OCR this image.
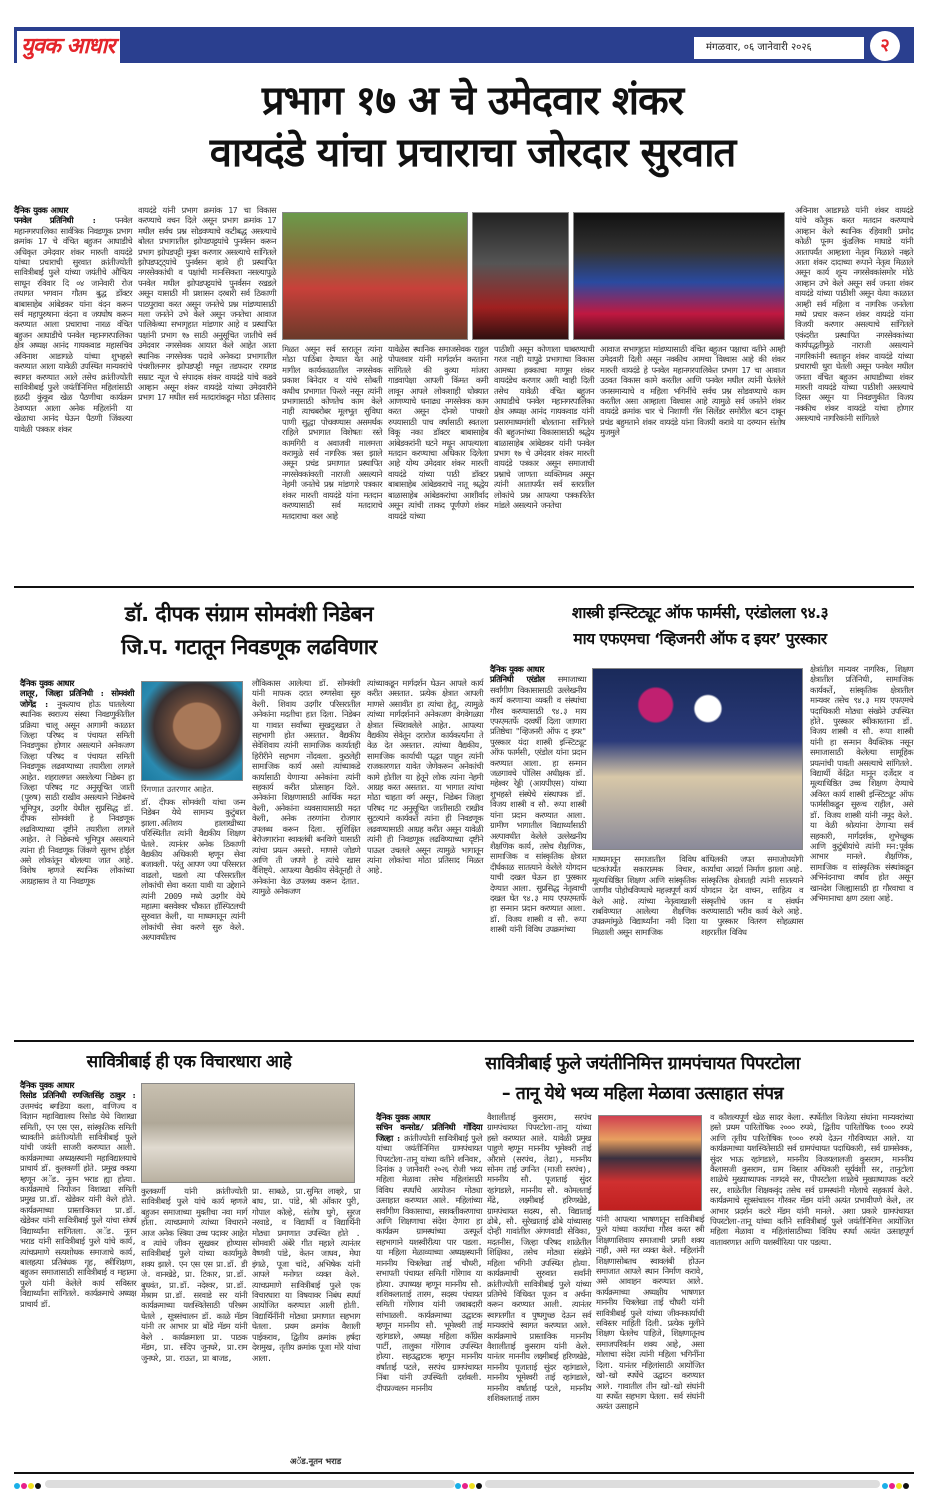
युवक आधार	मंगळवार, ०६ जानेवारी २०२६	२
प्रभाग १७ अ चे उमेदवार शंकर
वायदंडे यांचा प्रचाराचा जोरदार सुरवात
दैनिक युवक आधार
पनवेल प्रतिनिधी : पनवेल महानगरपालिका सार्वत्रिक निवडणूक प्रभाग क्रमांक 17 चे वंचित बहुजन आघाडीचे अधिकृत उमेदवार शंकर मारुती वायदंडे यांच्या प्रचाराची सुरवात क्रांतीज्योती सावित्रीबाई फुले यांच्या जयंतीचे औचित्य साधून रविवार दि ०४ जानेवारी रोज तथागत भगवान गौतम बुद्ध डॉक्टर बाबासाहेब आंबेडकर यांना वंदन करून सर्व महापुरुषाना वंदना व जयघोष करून करण्यात आला प्रचाराचा नारळ वंचित बहुजन आघाडीचे पनवेल महानगरपालिका क्षेत्र अध्यक्ष आनंद गायकवाड महासचिव अविनाश आडागळे यांच्या शुभहस्ते करण्यात आला यावेळी उपस्थित मान्यवरांचे स्वागत करण्यात आले तसेच क्रांतीज्योती सावित्रीबाई फुले जयंतीनिमित्त महिलांसाठी हळदी कुंकूव खेळ पैठणीचा कार्यक्रम ठेवण्यात आला अनेक महिलांनी या खेळाचा आनंद घेऊन पैठणी जिंकल्या यावेळी पत्रकार शंकर
वायदंडे यांनी प्रभाग क्रमांक 17 चा विकास करण्याचे वचन दिले असून प्रभाग क्रमांक 17 मधील सर्वच प्रश्न सोडवण्याचे कटीबद्ध असल्याचे बोलत प्रभागातील झोपडपट्टयांचे पुनर्वसन करून प्रभाग झोपडपट्टी मुक्त करणार असल्याचे सांगितले झोपडपट्ट्यांचे पुनर्वसन व्हावे ही प्रस्थापित नगरसेवकांची व पक्षांची मानसिकता नसल्यापुळे पनवेल मधील झोपडपट्टयांचे पुनर्वसन रखडले असून यासाठी मी प्रशासन दरबारी सर्व ठिकाणी पाठपुरावा करत असून जनतेचे प्रश्न मांडण्यासाठी मला जनतेने उभे केले असून जनतेचा आवाज पालिकेच्या सभागृहात मांडणार आहे व प्रस्थापित पक्षांनी प्रभाग १७ साठी अनुसूचित जातीचे सर्व उमेदवार नगरसेवक आयात केले आहेत आता स्थानिक नगरसेवक पदावे अनेकदा प्रभागातील पंचशीलनगर झोपडपट्टी मधून तडफदार रायगड सम्राट न्यूज चे संपादक शंकर वायदंडे यांचे कडवे आव्हान असून शंकर वायदंडे यांच्या उमेदवारीने प्रभाग 17 मधील सर्व मतदारांकडून मोठा प्रतिसाद
मिळत असून सर्व स्तरातून त्यांना मोठा पाठिंबा देण्यात येत आहे मागील कार्यकाळातील नगरसेवक प्रकाश बिनेदार व यांचे सोबती कधीच प्रभागात फिरले नसून त्यांनी प्रभागासाठी कोणतेच काम केले नाही त्याचबरोबर मूलभूत सुविधा पाणी सुद्धा पोचवण्यास असमर्थक राहिले प्रभागात विशेषतः रस्ते कामगिरी व अवाजवी मालमत्ता करामुळे सर्व नागरिक त्रस्त झाले असून प्रचंड प्रमाणात प्रस्थापित नगरसेवकांवरती नाराजी असल्याने नेहमी जनतेचे प्रश्न मांडणारे पत्रकार शंकर मारुती वायदंडे यांना मतदान करण्यासाठी सर्व मतदाराचे मतदाराचा कल आहे
यावेळेस स्थानिक समाजसेवक राहुल पोपलवार यांनी मार्गदर्शन करताना सांगितले की कुत्र्या मांजरा गाडवापेक्षा आपली किंमत कमी लावून आपले लोकशाही धोक्यात आणण्याचे धनाढ्य नगरसेवक काम करत असून दोनशे पाचशो रुपयासाठी पाच वर्षासाठी स्वतःला विकू नका डॉक्टर बाबासाहेब आंबेडकरांनी घटने मधून आपल्याला मतदान करण्याचा अधिकार दिलेला आहे योग्य उमेदवार शंकर मारुती वायदंडे यांच्या पाठी डॉक्टर बाबासाहेब आंबेडकराचे नातू श्रद्धेय बाळासाहेब आंबेडकरांचा आशीर्वाद असून त्यांची ताकद पूर्णपणे शंकर वायदंडे यांच्या
पाठीशी असून कोणाला घाबरण्याची गरज नाही यापुढे प्रभागाचा विकास आमच्या हक्काचा माणूस शंकर वायदंडेच करणार अशी ग्वाही दिली तसेच यावेळी वंचित बहुजन आघाडीचे पनवेल महानगरपालिका क्षेत्र अध्यक्ष आनंद गायकवाड यांनी प्रसारमाध्यमांशी बोलताना सांगितले की बहुजनांच्या विकासासाठी श्रद्धेय बाळासाहेब आंबेडकर यांनी पनवेल प्रभाग १७ चे उमेदवार शंकर मारुती वायदंडे पत्रकार असून समाजाची प्रश्नाचे जाणता व्यक्तिमत्व असून त्यांनी आतापर्यंत सर्व स्तरातील लोकांचे प्रश्न आपल्या पत्रकारितेत मांडले असल्याने जनतेचा
आवाज सभागृहात मांडण्यासाठी वंचित बहुजन पक्षाचा वतीने आम्ही उमेदवारी दिली असून नक्कीच आमचा विश्वास आहे की शंकर मारुती वायदंडे हे पनवेल महानगरपालिकेत प्रभाग 17 चा आवाज उठवत विकास कामे करतील आणि पनवेल मधील त्यांनी घेतलेले जनसमान्याचे व महिला भगिनींचे सर्वच प्रश्न सोडवण्याचे काम करतील असा आम्हाला विश्वास आहे त्यामुळे सर्व जनतेने शंकर वायदंडे क्रमांक चार चे निशाणी गॅस सिलेंडर समोरील बटन दाबून प्रचंड बहुमताने शंकर वायदंडे यांना विजयी करावे या दरम्यान संतोष मुजमुले
अविनाश आडागळे यांनी शंकर वायदंडे यांचे कौतुक करत मतदान करण्याचे आव्हान केले स्थानिक रहिवाशी प्रमोद कोळी पूनम कुंडलिक माघाडे यांनी आतापर्यंत आम्हाला नेतृत्व मिळाले नव्हते आता शंकर दादाच्या रूपाने नेतृत्व मिळाले असून कार्य शून्य नगरसेवकांसमोर मोठे आव्हान उभे केले असून सर्व जनता शंकर वायदंडे यांच्या पाठीशी असून येत्या काळात आम्ही सर्व महिला व नागरिक जनतेला मध्ये प्रचार करून शंकर वायदंडे यांना विजयी करणार असल्याचे सांगितले एकंदरीत प्रस्थापित नगरसेवकांच्या कार्यपद्धतीमुळे नाराजी असल्याने नागरिकांनी स्वतःहून शंकर वायदंडे यांच्या प्रचाराची धुरा घेतली असून पनवेल मधील जनता वंचित बहुजन आघाडीच्या शंकर मारुती वायदंडे यांच्या पाठीशी असल्याचे दिसत असून या निवडणुकीत विजय नक्कीच शंकर वायदंडे यांचा होणार असल्याचे नागरिकांनी सांगितले
डॉ. दीपक संग्राम सोमवंशी निडेबन
जि.प. गटातून निवडणूक लढविणार
दैनिक युवक आधार
लातूर, जिल्हा प्रतिनिधी : सोमवंशी जोगेंद्र : नुकत्याच होऊ घातलेल्या स्थानिक स्वराज्य संस्था निवडणुकीतील प्रक्रिया चालू असून आगामी काळात जिल्हा परिषद व पंचायत समिती निवडणुका होणार असल्याने अनेकजण जिल्हा परिषद व पंचायत समिती निवडणूक लढवण्याच्या तयारीला लागले आहेत. शहरालगत असलेल्या निडेबन हा जिल्हा परिषद गट अनुसूचित जाती (पुरुष) साठी राखीव असल्याने निडेबनचे भूमिपुत्र, उदगीर येथील सुप्रसिद्ध डॉ. दीपक सोमवंशी हे निवडणूक लढविण्याच्या दृष्टीने तयारीला लागले आहेत. ते निडेबनचे भूमिपुत्र असल्याने त्यांना ही निवडणूक जिंकणे सुलभ होईल असे लोकांतून बोलल्या जात आहे. विशेष म्हणजे स्थानिक लोकांच्या आग्रहास्तव ते या निवडणूक
रिंगणात उतरणार आहेत.
डॉ. दीपक सोमवंशी यांचा जन्म निडेबन येथे सामान्य कुटुंबात झाला.अतिशय हालाखीच्या परिस्थितीत त्यांनी वैद्यकीय शिक्षण घेतले. त्यानंतर अनेक ठिकाणी वैद्यकीय अधिकारी म्हणून सेवा बजावली. परंतु आपण ज्या परिसरात वाढलो, घडलो त्या परिसरातील लोकांची सेवा करता यावी या उद्देशाने त्यांनी 2009 मध्ये उदगीर येथे महात्मा बसवेश्वर चौकात हॉस्पिटलची सुरुवात केली, या माध्यमातून त्यांनी लोकांची सेवा करणे सुरु केले. अल्पावधीतच
लौकिकास आलेल्या डॉ. सोमवंशी यांनी माफक दरात रुग्णसेवा सुरु केली. शिवाय उदगीर परिसरातील अनेकांना मदतीचा हात दिला. निडेबन या गावात सर्वांच्या सुखदुःखात ते सहभागी होत असतात. वैद्यकीय सेवेशिवाय त्यांनी सामाजिक कार्यातही हिरीरीने सहभाग नोंदवला. कुठलेही सामाजिक कार्य असो त्यांच्याकडे कार्यासाठी येणाऱ्या अनेकांना त्यांनी सहकार्य करीत प्रोत्साहन दिले. अनेकांना शिक्षणासाठी आर्थिक मदत केली, अनेकांना व्यवसायासाठी मदत केली, अनेक तरुणांना रोजगार उपलब्ध करून दिला. सुशिक्षित बेरोजगारांना स्वावलंबी बनविणे यासाठी त्यांचा प्रयत्न असतो. माणसे जोडणे आणि ती जपणे हे त्यांचे खास वैशिष्ट्ये. आपल्या वैद्यकीय सेवेतूनही ते अनेकांना वेळ उपलब्ध करून देतात. त्यामुळे अनेकजण
त्यांच्याकडून मार्गदर्शन घेऊन आपले कार्य करीत असतात. प्रत्येक क्षेत्रात आपली माणसे असावीत हा त्यांचा हेतू, त्यामुळे त्यांच्या मार्गदर्शनाने अनेकजण वेगवेगळ्या क्षेत्रात स्थिरावलेले आहेत. आपल्या वैद्यकीय सेवेतून दरारोज कार्यकर्त्यांना ते वेळ देत असतात. त्यांच्या वैद्यकीय, सामाजिक कार्याची पद्धत पाहून त्यांनी राजकारणात यावेत जेणेकरून अनेकांची कामे होतील या हेतूने लोक त्यांना नेहमी आग्रह करत असतात. या भागात त्यांचा मोठा चाहता वर्ग असून, निडेबन जिल्हा परिषद गट अनुसूचित जातीसाठी राखीव सुटल्याने कार्यकर्ते त्यांना ही निवडणूक लढवण्यासाठी आग्रह करीत असून यावेळी त्यांनी ही निवडणूक लढविण्याच्या दृष्टीने पाऊल उचलले असून त्यामुळे भागातून त्यांना लोकांचा मोठा प्रतिसाद मिळत आहे.
शास्त्री इन्स्टिट्यूट ऑफ फार्मसी, एरंडोलला ९४.३
माय एफएमचा ‘व्हिजनरी ऑफ द इयर’ पुरस्कार
दैनिक युवक आधार
प्रतिनिधी एरंडोल समाजाच्या सर्वांगीण विकासासाठी उल्लेखनीय कार्य करणाऱ्या व्यक्ती व संस्थांचा गौरव करण्यासाठी ९४.३ माय एफएमतर्फे दरवर्षी दिला जाणारा प्रतिष्ठेचा "व्हिजनरी ऑफ द इयर" पुरस्कार यंदा शास्त्री इन्स्टिट्यूट ऑफ फार्मसी, एरंडोल यांना प्रदान करण्यात आला. हा सन्मान जळगावचे पोलिस अधीक्षक डॉ. महेश्वर रेड्डी (आयपीएस) यांच्या शुभहस्ते संस्थेचे संस्थापक डॉ. विजय शास्त्री व सौ. रूपा शास्त्री यांना प्रदान करण्यात आला. ग्रामीण भागातील विद्यार्थ्यांसाठी अल्पावधीत केलेले उल्लेखनीय शैक्षणिक कार्य, तसेच शैक्षणिक, सामाजिक व सांस्कृतिक क्षेत्रात दीर्घकाळ सातत्याने केलेले योगदान याची दखल घेऊन हा पुरस्कार देण्यात आला. सुप्रसिद्ध नेतृत्वाची दखल घेत ९४.३ माय एफएमतर्फे हा सन्मान प्रदान करण्यात आला. डॉ. विजय शास्त्री व सौ. रूपा शास्त्री यांनी विविध उपक्रमांच्या
माध्यमातून समाजातील विविध घटकांपर्यंत सकारात्मक विचार, मूल्याधिष्ठित शिक्षण आणि सांस्कृतिक जाणीव पोहोचविण्याचे महत्त्वपूर्ण कार्य केले आहे. त्यांच्या नेतृत्वाखाली राबविण्यात आलेल्या शैक्षणिक उपक्रमांमुळे विद्यार्थ्यांना नवी दिशा मिळाली असून सामाजिक
बांधिलकी जपत समाजोपयोगी कार्याचा आदर्श निर्माण झाला आहे. सांस्कृतिक क्षेत्रातही त्यांनी सातत्याने योगदान देत वाचन, साहित्य व संस्कृतीचे जतन व संवर्धन करण्यासाठी भरीव कार्य केले आहे. या पुरस्कार वितरण सोहळ्यास शहरातील विविध
क्षेत्रांतील मान्यवर नागरिक, शिक्षण क्षेत्रातील प्रतिनिधी, सामाजिक कार्यकर्ते, सांस्कृतिक क्षेत्रातील मान्यवर तसेच ९४.३ माय एफएमचे पदाधिकारी मोठ्या संख्येने उपस्थित होते. पुरस्कार स्वीकारताना डॉ. विजय शास्त्री व सौ. रूपा शास्त्री यांनी हा सन्मान वैयक्तिक नसून समाजासाठी केलेल्या सामूहिक प्रयत्नांची पावती असल्याचे सांगितले. विद्यार्थी केंद्रित मानून दर्जेदार व मूल्याधिष्ठित उच्च शिक्षण देण्याचे अविरत कार्य शास्त्री इन्स्टिट्यूट ऑफ फार्मसीकडून सुरूच राहील, असे डॉ. विजय शास्त्री यांनी नमूद केले. या वेळी श्रोत्यांना देणाऱ्या सर्व सहकारी, मार्गदर्शक, शुभेच्छुक आणि कुटुंबीयांचे त्यांनी मन:पूर्वक आभार मानले. शैक्षणिक, सामाजिक व सांस्कृतिक संस्थांकडून अभिनंदनाचा वर्षाव होत असून खानदेश जिल्ह्यासाठी हा गौरवाचा व अभिमानाचा क्षण ठरला आहे.
सावित्रीबाई ही एक विचारधारा आहे
दैनिक युवक आधार
रिसोड प्रतिनिधी रणजितसिंह ठाकुर : उत्तमचंद बगडिया कला, वाणिज्य व विज्ञान महाविद्यालय रिसोड येथे विशाखा समिती, एन एस एस, सांस्कृतिक समिती च्यावतीने क्रांतीज्योती सावित्रीबाई फुले यांची जयंती साजरी करण्यात आली. कार्यक्रमाच्या अध्यक्षस्थानी महाविद्यालयाचे प्राचार्य डॉ. कुलकर्णी होते. प्रमुख वक्त्या म्हणून अॅड. नूतन भराड ह्या होत्या. कार्यक्रमाचे नियोजन विशाखा समिती प्रमुख प्रा.डॉ. खेडेकर यांनी केले होते. कार्यक्रमाच्या प्रास्ताविकात प्रा.डॉ. खेडेकर यांनी सावित्रीबाई फुले यांचा संघर्ष विद्यार्थ्यांना सांगितला. अॅड. नूतन भराड यांनी सावित्रीबाई फुले यांचे कार्य, त्यांचप्रमाणे सत्यशोधक समाजाचे कार्य, बालहत्या प्रतिबंधक गृह, स्त्रीशिक्षण, बहुजन समाजासाठी सावित्रीबाई व महात्मा फुले यांनी केलेले कार्य सविस्तर विद्यार्थ्यांना सांगितले. कार्यक्रमाचे अध्यक्ष प्राचार्य डॉ.
कुलकर्णी यांनी क्रांतीज्योती सावित्रीबाई फुले यांचे कार्य म्हणजे बहुजन समाजाच्या मुक्तीचा नवा मार्ग होता. त्याचप्रमाणे त्यांच्या विचाराने आज अनेक स्त्रिया उच्च पदावर आहेत व त्यांचे जीवन सुखकर होण्यास सावित्रीबाई फुले यांच्या कार्यामुळे शक्य झाले. एन एस एस प्रा.डॉ. डी जे. वानखेडे, प्रा. टिकार, प्रा.डॉ. बुधवंत, प्रा.डॉ. नदेश्वर, प्रा.डॉ. मेश्राम प्रा.डॉ. सरवाडे सर यांनी कार्यक्रमाच्या यशस्वितेसाठी परिश्रम घेतले , सूत्रसंचालन डॉ. काळे मॅडम यांनी तर आभार प्रा बोंडे मॅडम यांनी केले . कार्यक्रमाला प्रा. पाठक मॅडम, प्रा. संदिप जुनघरे, प्रा.राम जुनघरे, प्रा. राऊत, प्रा बाजड,
प्रा. साबळे, प्रा.सुमित लाव्हरे, प्रा बाघ, प्रा. पांडे, श्री ओंकार पुरी, गोपाल कोल्हे, संतोष घुगे, सुरज नरवाडे, व विद्यार्थी व विद्यार्थिनी मोठ्या प्रमाणात उपस्थित होते . सोमवारी अंबेरे गीत महाले त्यानंतर वैष्णवी पांडे, केतन जाधव, मेघा इंगळे, पूजा चांदे, अभिषेक यांनी आपले मनोगत व्यक्त केले. त्याचप्रमाणे सावित्रीबाई फुले एक विचारधारा या विषयावर निबंध स्पर्धा आयोजित करण्यात आली होती. विद्यार्थिनींनी मोठ्या प्रमाणात सहभाग घेतला. प्रथम क्रमांक वैशाली पाईकराव, द्वितीय क्रमांक हर्षदा देशमुख, तृतीय क्रमांक पूजा मोरे यांचा आला.
अॅड.नूतन भराड
सावित्रीबाई फुले जयंतीनिमित्त ग्रामपंचायत पिपरटोला
– तानू येथे भव्य महिला मेळावा उत्साहात संपन्न
दैनिक युवक आधार
सचिन कन्सोड/ प्रतिनिधी गोंदिया जिल्हा : क्रांतीज्योती सावित्रीबाई फुले यांच्या जयंतीनिमित्त ग्रामपंचायत पिपरटोला-तानू यांच्या वतीने शनिवार, दिनांक ३ जानेवारी २०२६ रोजी भव्य महिला मेळावा तसेच महिलांसाठी विविध स्पर्धांचे आयोजन मोठ्या उत्साहात करण्यात आले. महिलांच्या सर्वांगीण विकासाचा, सशक्तीकरणाचा आणि शिक्षणाचा संदेश देणारा हा कार्यक्रम ग्रामस्थांच्या उत्स्फूर्त सहभागाने यशस्वीरीत्या पार पडला. या महिला मेळाव्याच्या अध्यक्षस्थानी माननीय चित्रलेखा ताई चौधरी, सभापती पंचायत समिती गोरेगाव या होत्या. उपाध्यक्ष म्हणून माननीय सौ. शशिकलाताई तारम, सदस्य पंचायत समिती गोरेगाव यांनी जबाबदारी सांभाळली. कार्यक्रमाच्या उद्घाटक म्हणून माननीय सौ. भूमेश्वरी ताई रहांगडाले, अध्यक्ष महिला काँग्रेस पार्टी, तालुका गोरेगाव उपस्थित होत्या. सहउद्घाटक म्हणून माननीय वर्षाताई पटले, सरपंच ग्रामपंचायत निंबा यांनी उपस्थिती दर्शवली. दीपप्रज्वलन माननीय
वैशालीताई कुसराम, सरपंच ग्रामपंचायत पिपरटोला-तानू यांच्या हस्ते करण्यात आले. यावेळी प्रमुख पाहुणे म्हणून माननीय भूमेश्वरी ताई औरासे (सरपंच, तेढा), माननीय सोनम ताई उगनित (माजी सरपंच), माननीय सौ. पूजाताई सुंदर रहांगडाले, माननीय सौ. कोमलताई मेंढे, लक्ष्मीबाई हरिणखेडे, ग्रामपंचायत सदस्य, सौ. विद्याताई ढोबे, सौ. सुरेखाताई ढोबे यांच्यासह दोन्ही गावांतील अंगणवाडी सेविका, मदतनीस, जिल्हा परिषद शाळेतील शिक्षिका, तसेच मोठ्या संख्येने महिला भगिनी उपस्थित होत्या. कार्यक्रमाची सुरुवात सर्वांनी क्रांतीज्योती सावित्रीबाई फुले यांच्या प्रतिमेचे विधिवत पूजन व अर्चना करून करण्यात आली. त्यानंतर स्वागतगीत व पुष्पगुच्छ देऊन सर्व मान्यवरांचे स्वागत करण्यात आले. कार्यक्रमाचे प्रास्ताविक माननीय वैशालीताई कुसराम यांनी केले. यानंतर माननीय लक्ष्मीबाई हरिणखेडे, माननीय पूजाताई सुंदर रहांगडाले, माननीय भूमेश्वरी ताई रहांगडाले, माननीय वर्षाताई पटले, माननीय शशिकलाताई तारम
यांनी आपल्या भाषणातून सावित्रीबाई फुले यांच्या कार्याचा गौरव करत स्त्री शिक्षणाशिवाय समाजाची प्रगती शक्य नाही, असे मत व्यक्त केले. महिलांनी शिक्षणासोबतच स्वावलंबी होऊन समाजात आपले स्थान निर्माण करावे, असे आवाहन करण्यात आले. कार्यक्रमाच्या अध्यक्षीय भाषणात माननीय चित्रलेखा ताई चौधरी यांनी सावित्रीबाई फुले यांच्या जीवनकार्याची सविस्तर माहिती दिली. प्रत्येक मुलीने शिक्षण घेतलेच पाहिजे, शिक्षणातूनच समाजपरिवर्तन शक्य आहे, असा मोलाचा संदेश त्यांनी महिला भगिनींना दिला. यानंतर महिलांसाठी आयोजित खो-खो स्पर्धेचे उद्घाटन करण्यात आले. गावातील तीन खो-खो संघांनी या स्पर्धेत सहभाग घेतला. सर्व संघांनी अत्यंत उत्साहाने
व कौशल्यपूर्ण खेळ सादर केला. स्पर्धेतील विजेत्या संघांना मान्यवरांच्या हस्ते प्रथम पारितोषिक २००० रुपये, द्वितीय पारितोषिक १००० रुपये आणि तृतीय पारितोषिक १००० रुपये देऊन गौरविण्यात आले. या कार्यक्रमाच्या यशस्वितेसाठी सर्व ग्रामपंचायत पदाधिकारी, सर्व ग्रामसेवक, सुंदर भाऊ रहांगडाले, माननीय विजयलालजी कुसराम, माननीय कैलासजी कुसराम, ग्राम विस्तार अधिकारी सूर्यवंशी सर, तानुटोला शाळेचे मुख्याध्यापक नागदवे सर, पीपरटोला शाळेचे मुख्याध्यापक कटरे सर, शाळेतील शिक्षकवृंद तसेच सर्व ग्रामस्थांनी मोलाचे सहकार्य केले. कार्यक्रमाचे सूत्रसंचालन गौरकर मॅडम यांनी अत्यंत प्रभावीपणे केले, तर आभार प्रदर्शन कटरे मॅडम यांनी मानले. अशा प्रकारे ग्रामपंचायत पिपरटोला-तानू यांच्या वतीने सावित्रीबाई फुले जयंतीनिमित्त आयोजित महिला मेळावा व महिलांसाठीच्या विविध स्पर्धा अत्यंत उत्साहपूर्ण वातावरणात आणि यशस्वीरित्या पार पडल्या.
